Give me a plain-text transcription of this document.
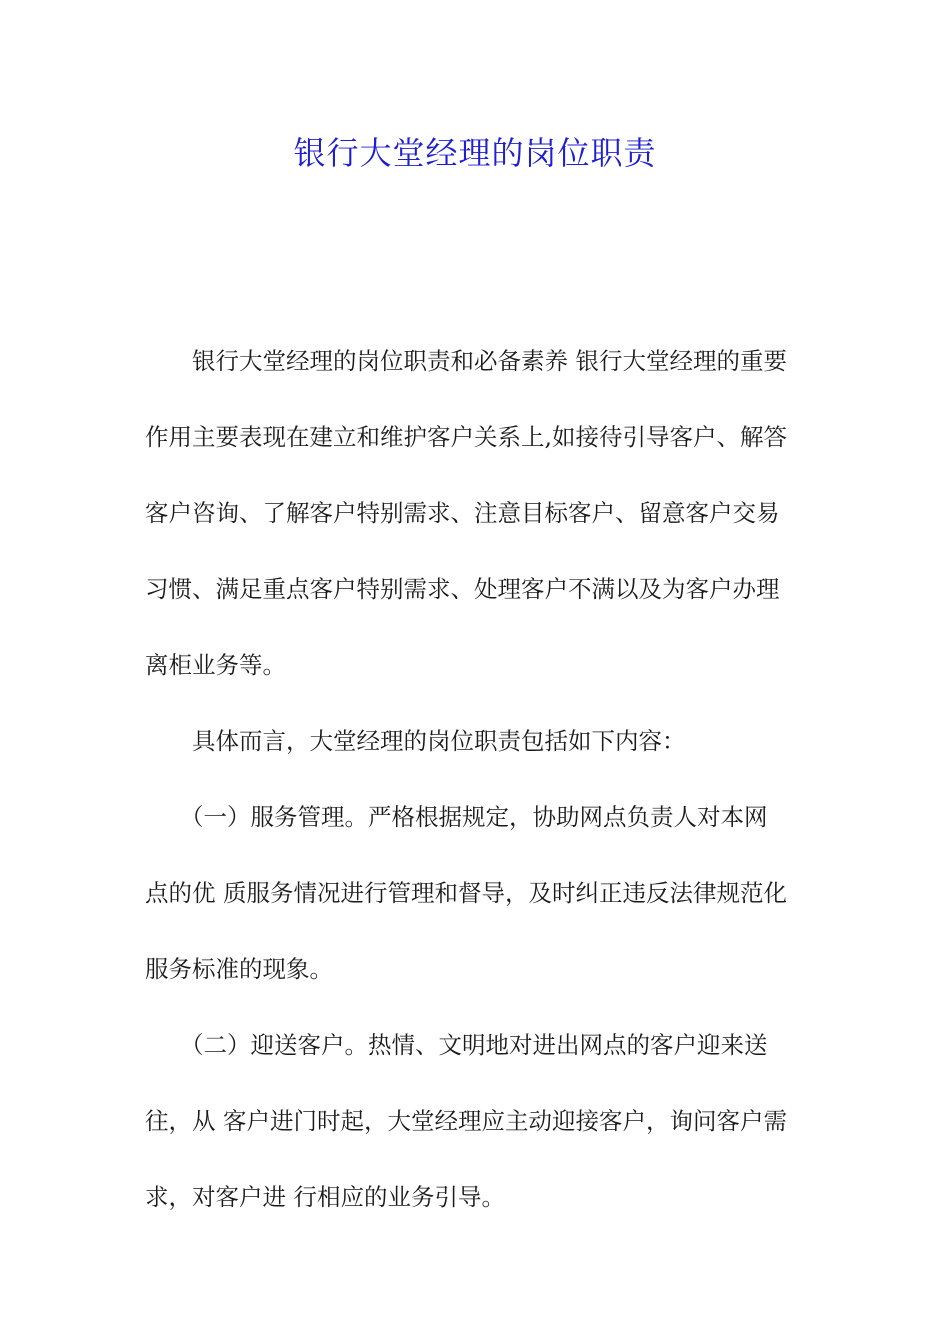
银行大堂经理的岗位职责
银行大堂经理的岗位职责和必备素养 银行大堂经理的重要
作用主要表现在建立和维护客户关系上,如接待引导客户、解答
客户咨询、了解客户特别需求、注意目标客户、留意客户交易
习惯、满足重点客户特别需求、处理客户不满以及为客户办理
离柜业务等。
具体而言，大堂经理的岗位职责包括如下内容：
（一）服务管理。严格根据规定，协助网点负责人对本网
点的优 质服务情况进行管理和督导，及时纠正违反法律规范化
服务标准的现象。
（二）迎送客户。热情、文明地对进出网点的客户迎来送
往，从 客户进门时起，大堂经理应主动迎接客户，询问客户需
求，对客户进 行相应的业务引导。
